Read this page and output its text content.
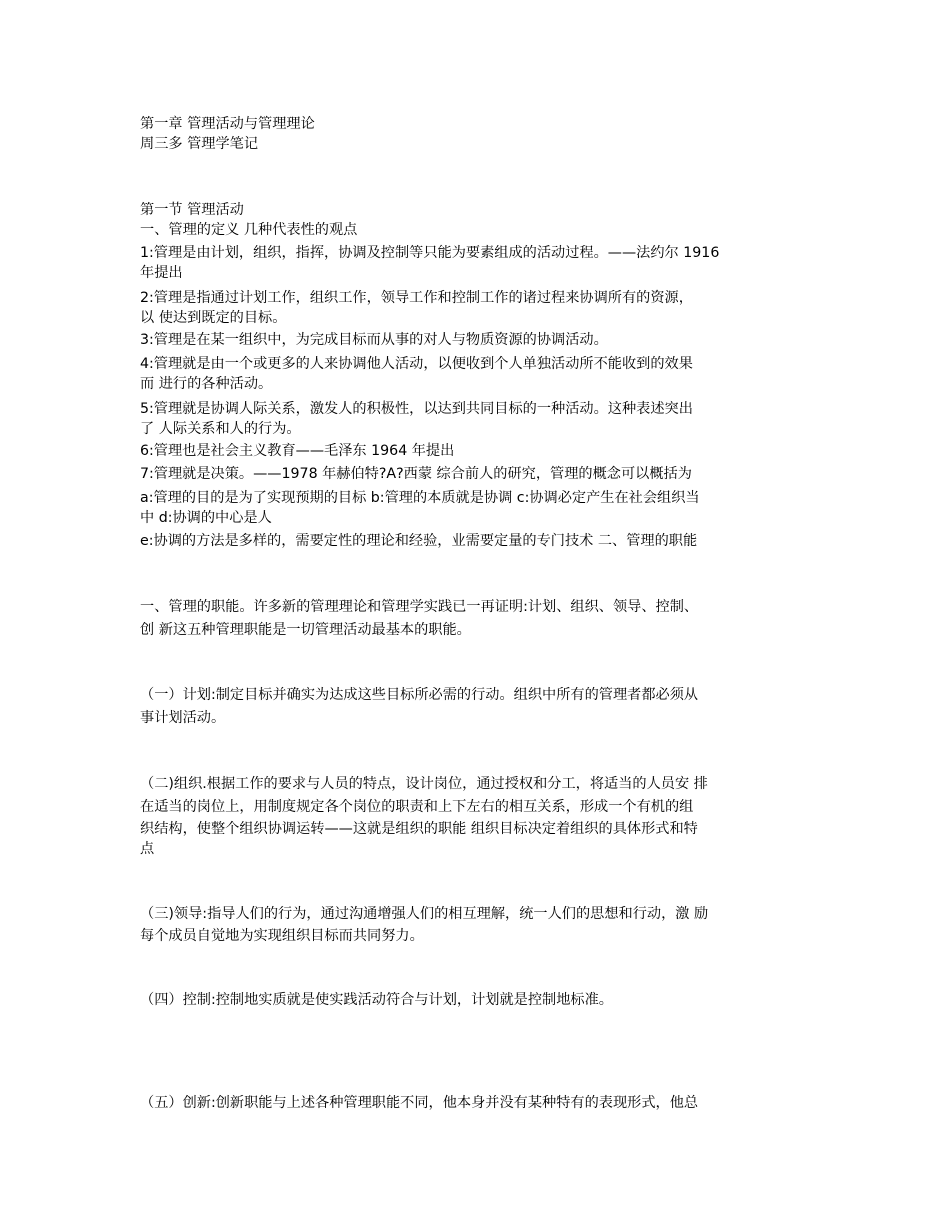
第一章 管理活动与管理理论
周三多 管理学笔记
第一节 管理活动
一、管理的定义 几种代表性的观点
1:管理是由计划，组织，指挥，协调及控制等只能为要素组成的活动过程。——法约尔 1916
年提出
2:管理是指通过计划工作，组织工作，领导工作和控制工作的诸过程来协调所有的资源，
以 使达到既定的目标。
3:管理是在某一组织中，为完成目标而从事的对人与物质资源的协调活动。
4:管理就是由一个或更多的人来协调他人活动，以便收到个人单独活动所不能收到的效果
而 进行的各种活动。
5:管理就是协调人际关系，激发人的积极性，以达到共同目标的一种活动。这种表述突出
了 人际关系和人的行为。
6:管理也是社会主义教育——毛泽东 1964 年提出
7:管理就是决策。——1978 年赫伯特?A?西蒙 综合前人的研究，管理的概念可以概括为
a:管理的目的是为了实现预期的目标 b:管理的本质就是协调 c:协调必定产生在社会组织当
中 d:协调的中心是人
e:协调的方法是多样的，需要定性的理论和经验，业需要定量的专门技术 二、管理的职能
一、管理的职能。许多新的管理理论和管理学实践已一再证明:计划、组织、领导、控制、
创 新这五种管理职能是一切管理活动最基本的职能。
（一）计划:制定目标并确实为达成这些目标所必需的行动。组织中所有的管理者都必须从
事计划活动。
（二)组织.根据工作的要求与人员的特点，设计岗位，通过授权和分工，将适当的人员安 排
在适当的岗位上，用制度规定各个岗位的职责和上下左右的相互关系，形成一个有机的组
织结构，使整个组织协调运转——这就是组织的职能 组织目标决定着组织的具体形式和特
点
（三)领导:指导人们的行为，通过沟通增强人们的相互理解，统一人们的思想和行动，激 励
每个成员自觉地为实现组织目标而共同努力。
（四）控制:控制地实质就是使实践活动符合与计划，计划就是控制地标准。
（五）创新:创新职能与上述各种管理职能不同，他本身并没有某种特有的表现形式，他总
